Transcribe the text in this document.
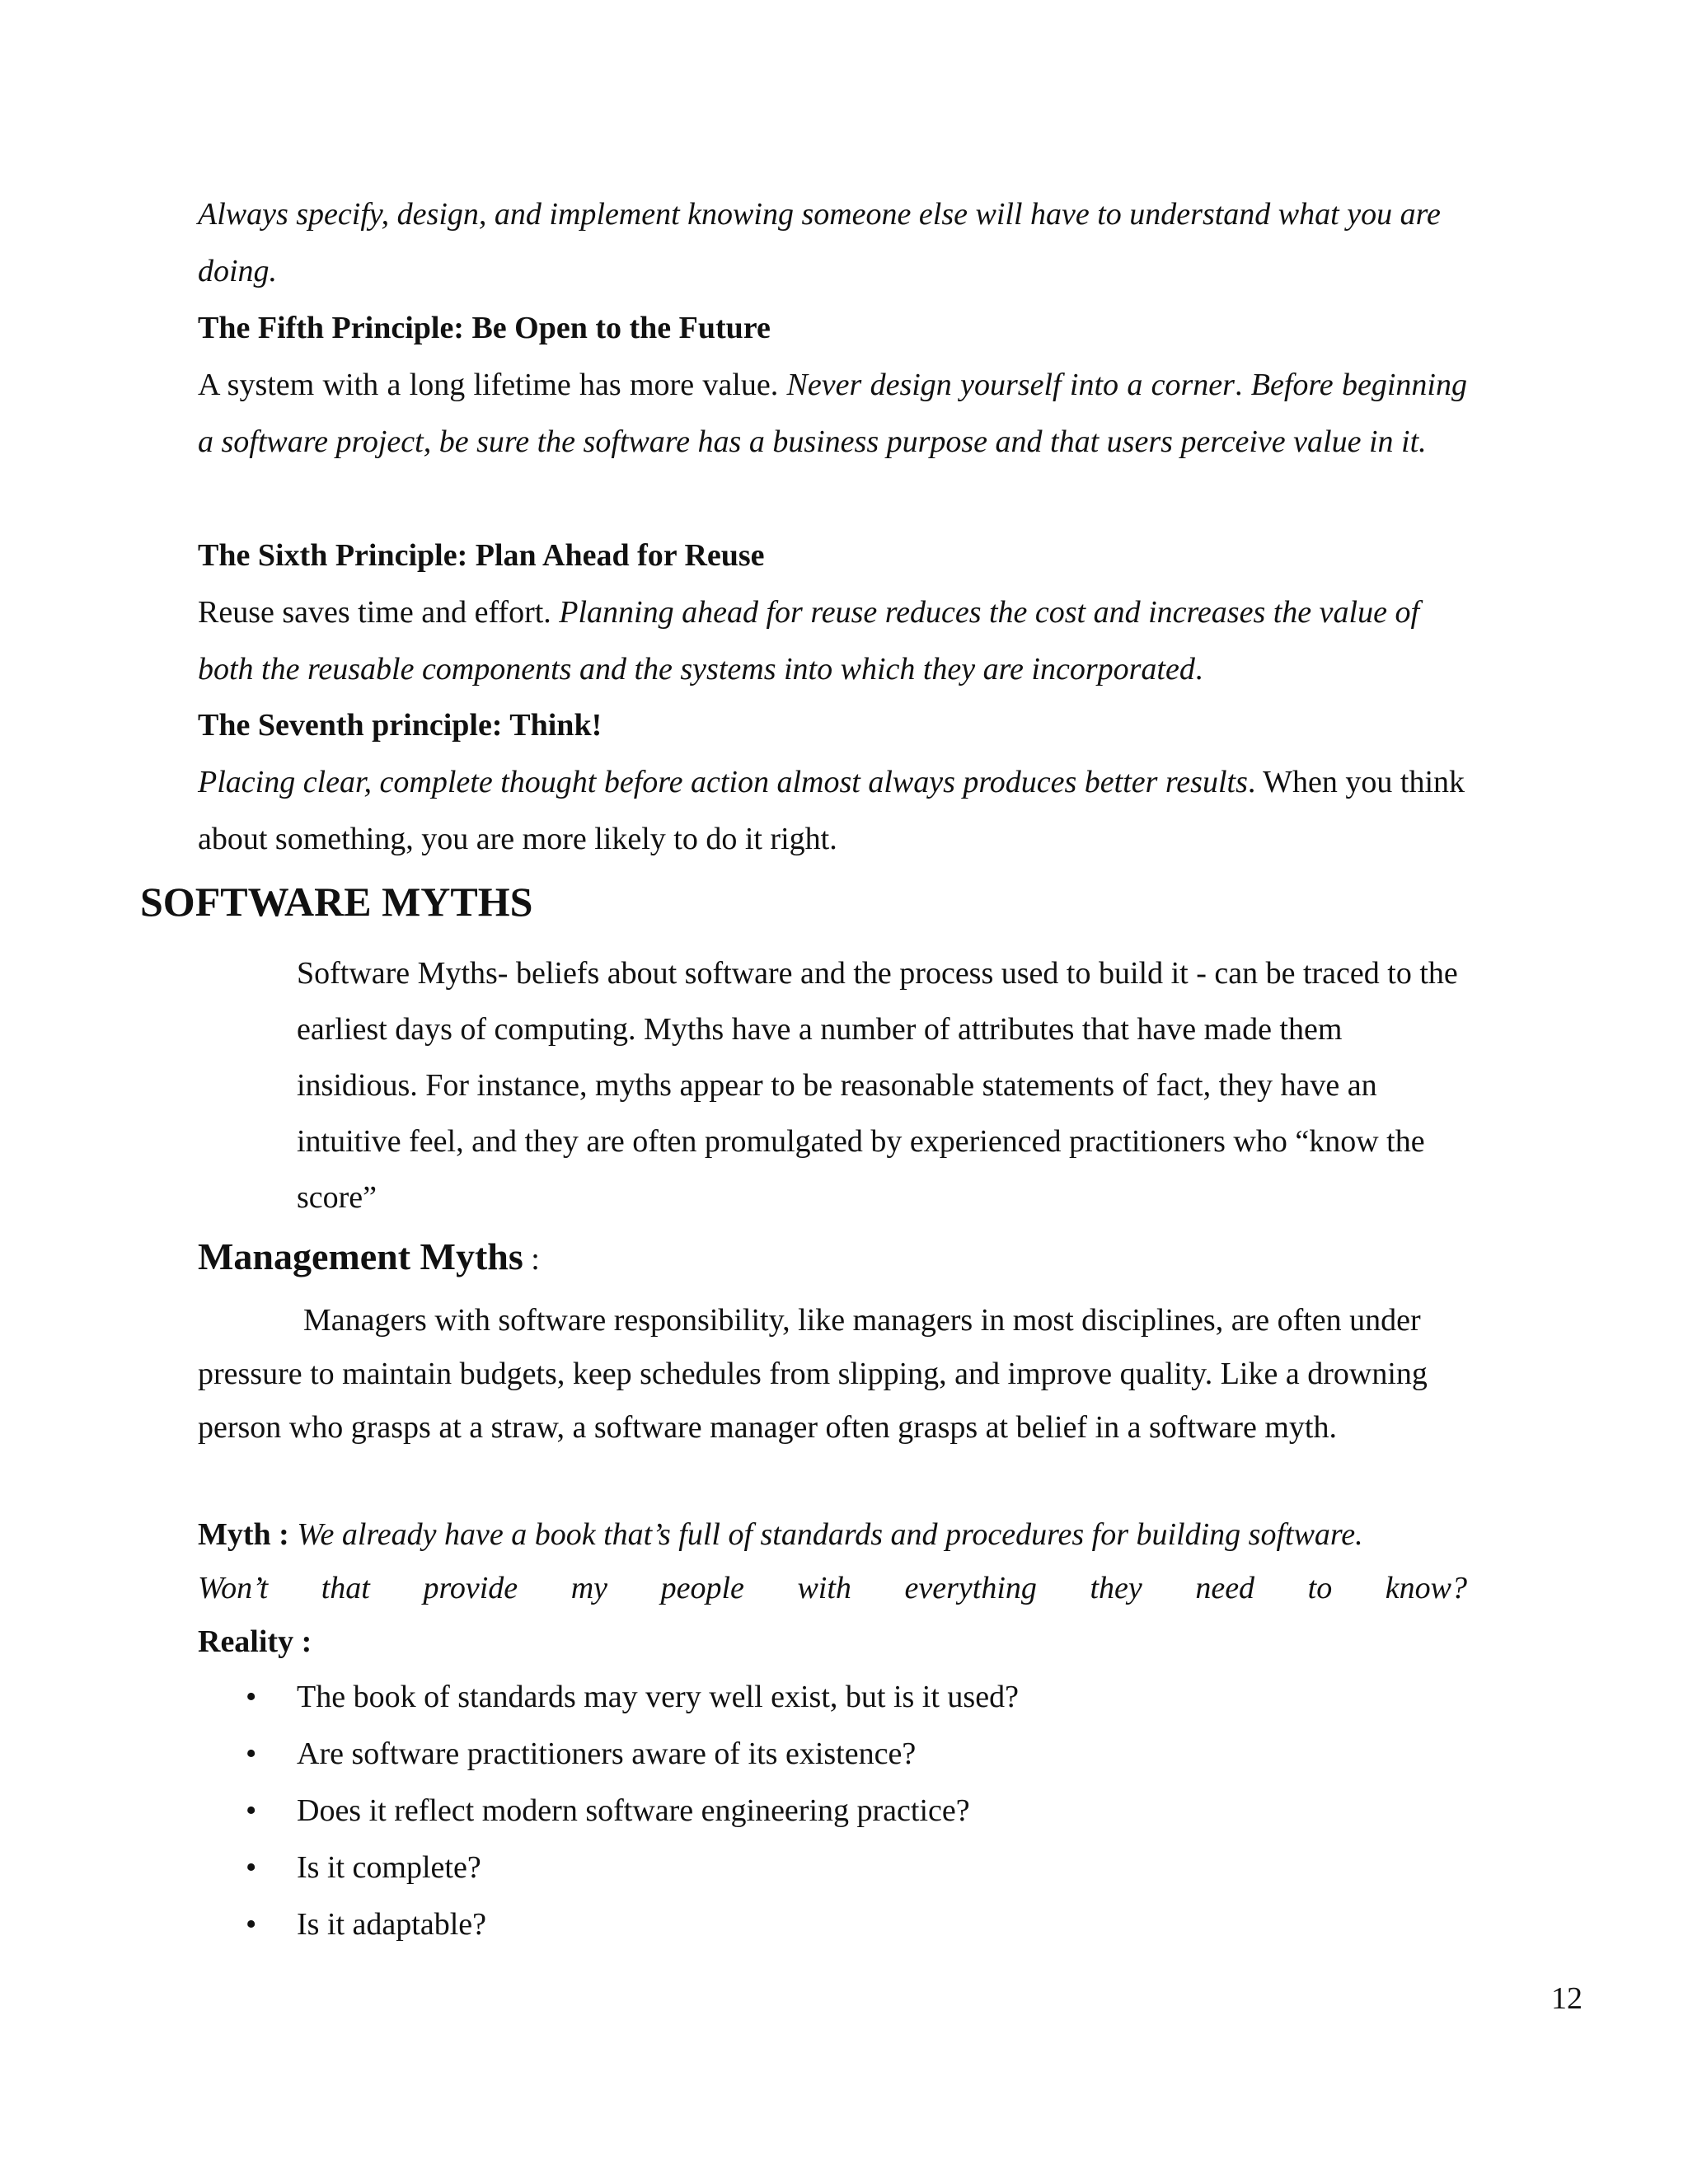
Always specify, design, and implement knowing someone else will have to understand what you are doing.
The Fifth Principle: Be Open to the Future
A system with a long lifetime has more value. Never design yourself into a corner. Before beginning a software project, be sure the software has a business purpose and that users perceive value in it.
The Sixth Principle: Plan Ahead for Reuse
Reuse saves time and effort. Planning ahead for reuse reduces the cost and increases the value of both the reusable components and the systems into which they are incorporated.
The Seventh principle: Think!
Placing clear, complete thought before action almost always produces better results. When you think about something, you are more likely to do it right.
SOFTWARE MYTHS
Software Myths- beliefs about software and the process used to build it - can be traced to the earliest days of computing. Myths have a number of attributes that have made them insidious. For instance, myths appear to be reasonable statements of fact, they have an intuitive feel, and they are often promulgated by experienced practitioners who “know the score”
Management Myths :
Managers with software responsibility, like managers in most disciplines, are often under pressure to maintain budgets, keep schedules from slipping, and improve quality. Like a drowning person who grasps at a straw, a software manager often grasps at belief in a software myth.
Myth : We already have a book that’s full of standards and procedures for building software.
Won’t that provide my people with everything they need to know?
Reality :
• The book of standards may very well exist, but is it used?
• Are software practitioners aware of its existence?
• Does it reflect modern software engineering practice?
• Is it complete?
• Is it adaptable?
12
